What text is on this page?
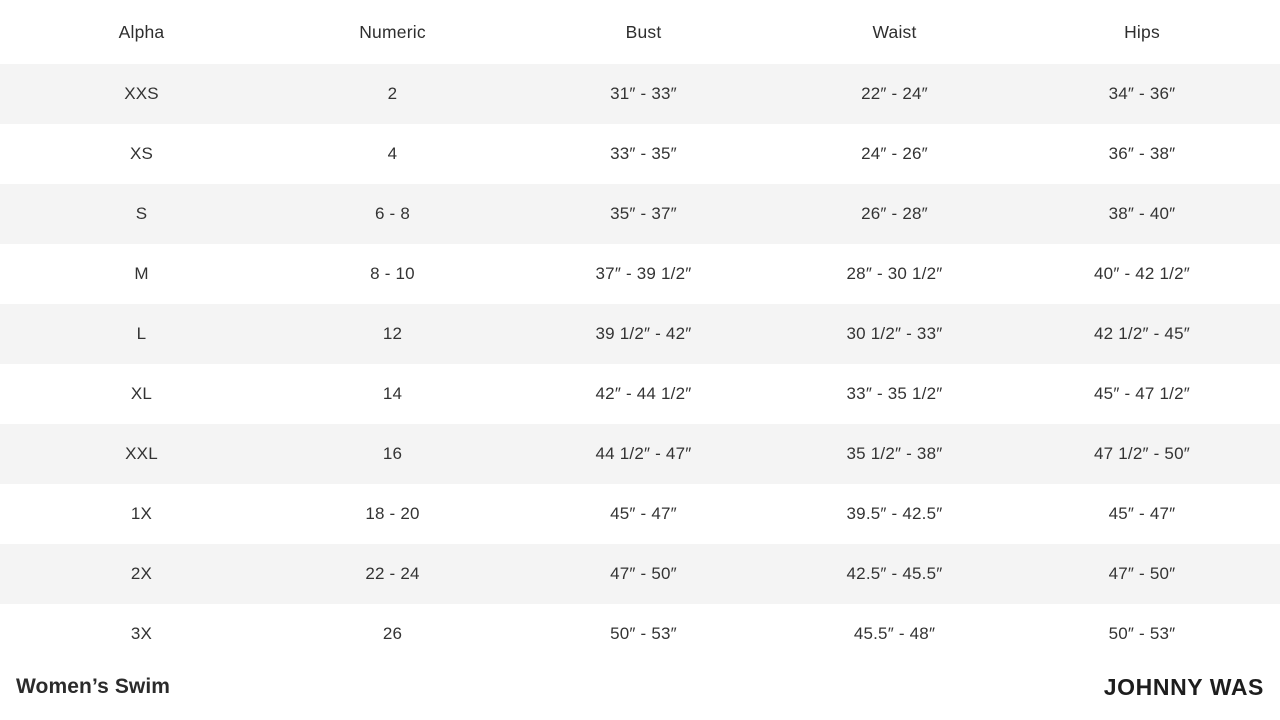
	Alpha	Numeric	Bust	Waist	Hips	
	XXS	2	31″ - 33″	22″ - 24″	34″ - 36″	
	XS	4	33″ - 35″	24″ - 26″	36″ - 38″	
	S	6 - 8	35″ - 37″	26″ - 28″	38″ - 40″	
	M	8 - 10	37″ - 39 1/2″	28″ - 30 1/2″	40″ - 42 1/2″	
	L	12	39 1/2″ - 42″	30 1/2″ - 33″	42 1/2″ - 45″	
	XL	14	42″ - 44 1/2″	33″ - 35 1/2″	45″ - 47 1/2″	
	XXL	16	44 1/2″ - 47″	35 1/2″ - 38″	47 1/2″ - 50″	
	1X	18 - 20	45″ - 47″	39.5″ - 42.5″	45″ - 47″	
	2X	22 - 24	47″ - 50″	42.5″ - 45.5″	47″ - 50″	
	3X	26	50″ - 53″	45.5″ - 48″	50″ - 53″	
Women’s Swim	JOHNNY WAS
